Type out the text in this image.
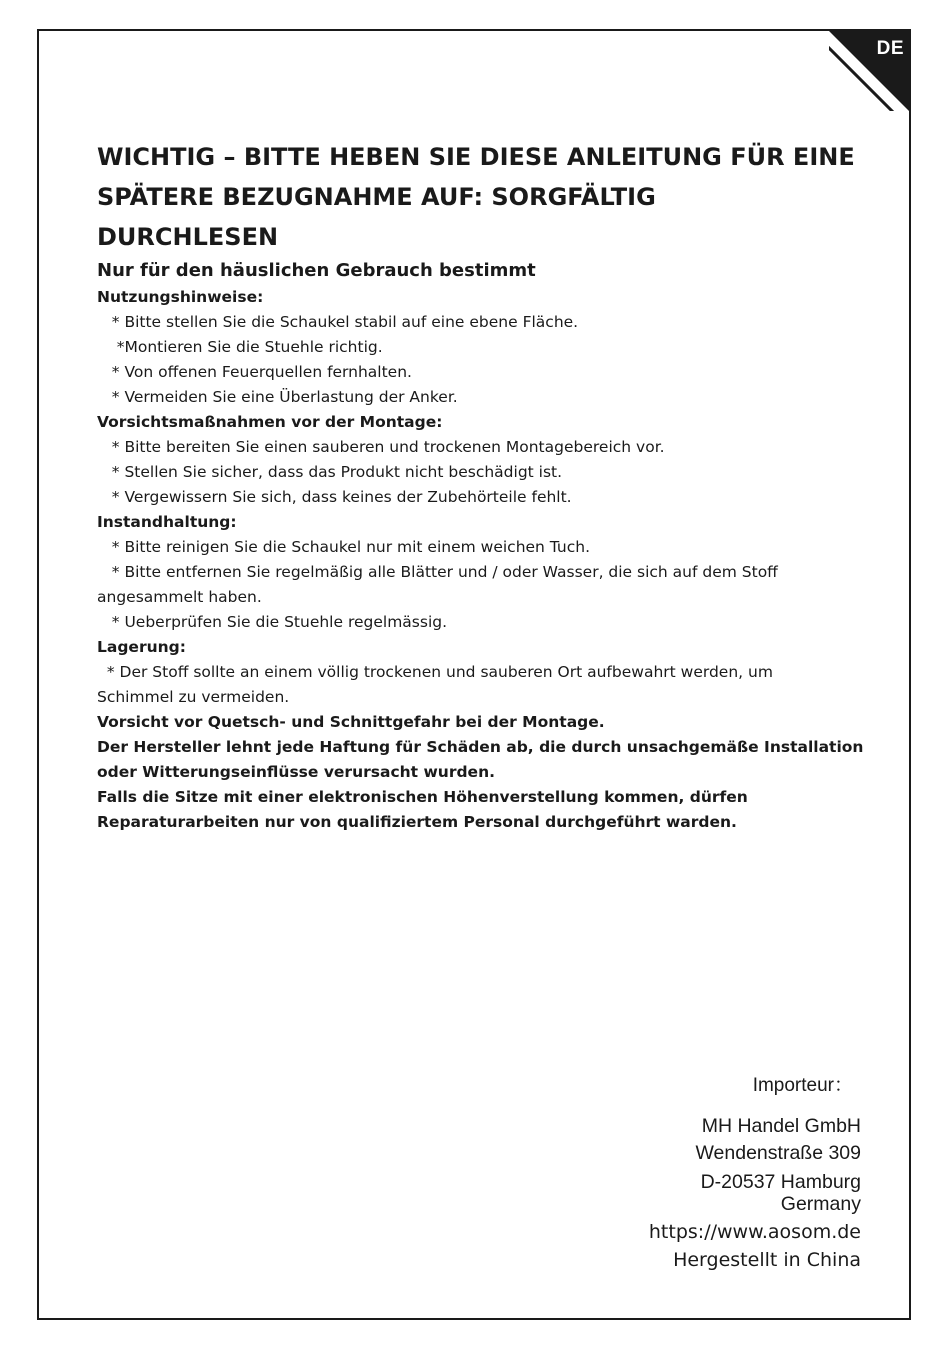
DE
WICHTIG – BITTE HEBEN SIE DIESE ANLEITUNG FÜR EINE
SPÄTERE BEZUGNAHME AUF: SORGFÄLTIG
DURCHLESEN
Nur für den häuslichen Gebrauch bestimmt
Nutzungshinweise:
* Bitte stellen Sie die Schaukel stabil auf eine ebene Fläche.
*Montieren Sie die Stuehle richtig.
* Von offenen Feuerquellen fernhalten.
* Vermeiden Sie eine Überlastung der Anker.
Vorsichtsmaßnahmen vor der Montage:
* Bitte bereiten Sie einen sauberen und trockenen Montagebereich vor.
* Stellen Sie sicher, dass das Produkt nicht beschädigt ist.
* Vergewissern Sie sich, dass keines der Zubehörteile fehlt.
Instandhaltung:
* Bitte reinigen Sie die Schaukel nur mit einem weichen Tuch.
* Bitte entfernen Sie regelmäßig alle Blätter und / oder Wasser, die sich auf dem Stoff
angesammelt haben.
* Ueberprüfen Sie die Stuehle regelmässig.
Lagerung:
* Der Stoff sollte an einem völlig trockenen und sauberen Ort aufbewahrt werden, um
Schimmel zu vermeiden.
Vorsicht vor Quetsch- und Schnittgefahr bei der Montage.
Der Hersteller lehnt jede Haftung für Schäden ab, die durch unsachgemäße Installation
oder Witterungseinflüsse verursacht wurden.
Falls die Sitze mit einer elektronischen Höhenverstellung kommen, dürfen
Reparaturarbeiten nur von qualifiziertem Personal durchgeführt warden.
Importeur：
MH Handel GmbH
Wendenstraße 309
D-20537 Hamburg
Germany
https://www.aosom.de
Hergestellt in China
